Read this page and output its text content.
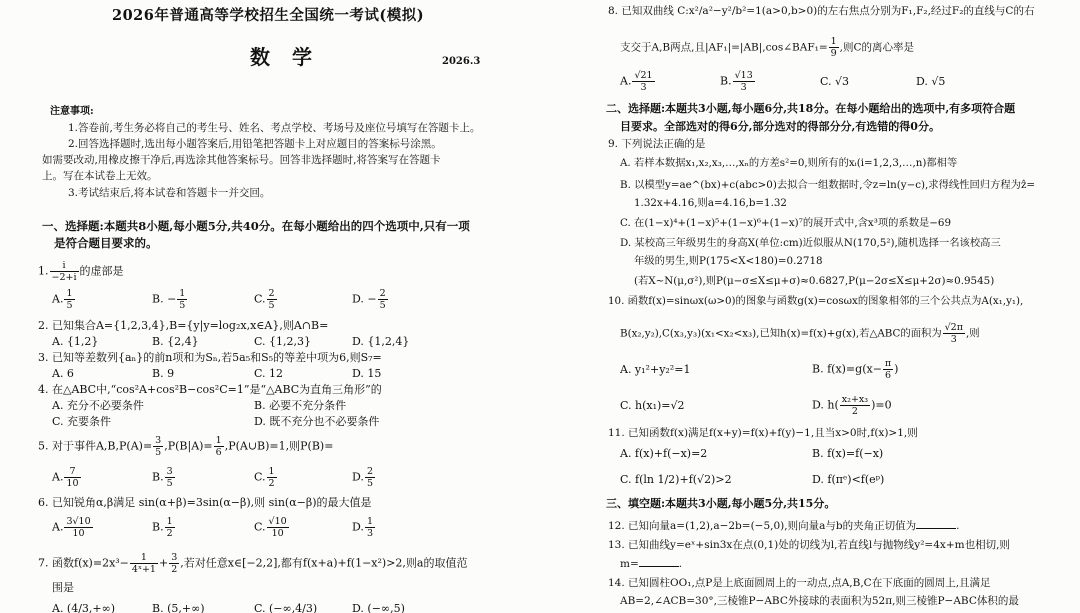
2026年普通高等学校招生全国统一考试(模拟)
数学	2026.3
注意事项:
1.答卷前,考生务必将自己的考生号、姓名、考点学校、考场号及座位号填写在答题卡上。
2.回答选择题时,选出每小题答案后,用铅笔把答题卡上对应题目的答案标号涂黑。
如需要改动,用橡皮擦干净后,再选涂其他答案标号。回答非选择题时,将答案写在答题卡
上。写在本试卷上无效。
3.考试结束后,将本试卷和答题卡一并交回。
一、选择题:本题共8小题,每小题5分,共40分。在每小题给出的四个选项中,只有一项
是符合题目要求的。
1. $\frac{i}{-2+i}$ 的虚部是
A. $\frac{1}{5}$	B. − $\frac{1}{5}$	C. $\frac{2}{5}$	D. − $\frac{2}{5}$
2. 已知集合A={1,2,3,4},B={y|y=log₂x,x∈A},则A∩B=
A. {1,2}	B. {2,4}	C. {1,2,3}	D. {1,2,4}
3. 已知等差数列{aₙ}的前n项和为Sₙ,若5a₅和S₅的等差中项为6,则S₇=
A. 6	B. 9	C. 12	D. 15
4. 在△ABC中,“cos²A+cos²B−cos²C=1”是“△ABC为直角三角形”的
A. 充分不必要条件	B. 必要不充分条件
C. 充要条件	D. 既不充分也不必要条件
5. 对于事件$A,B,P(A)= \frac{3}{5} ,P(B|A)= \frac{1}{6}$ ,P(A∪B)=1,则P(B)=
A. $\frac{7}{10}$	B. $\frac{3}{5}$	C. $\frac{1}{2}$	D. $\frac{2}{5}$
6. 已知锐角α,β满足 sin(α+β)=3sin(α−β),则 sin(α−β)的最大值是
A. $\frac{3√10}{10}$	B. $\frac{1}{2}$	C. $\frac{√10}{10}$	D. $\frac{1}{3}$
7. 函数$f(x)=2x^3- \frac{1}{\text{4ˣ+1}} + \frac{3}{2}$ ,若对任意x∈[−2,2],都有f(x+a)+f(1−x²)>2,则a的取值范
围是
A. (4/3,+∞)	B. (5,+∞)	C. (−∞,4/3)	D. (−∞,5)
8. 已知双曲线 C:x²/a²−y²/b²=1(a>0,b>0)的左右焦点分别为F₁,F₂,经过F₂的直线与C的右
支交于A,B两点,且|AF₁|=|AB|,cos∠BAF₁= $\frac{1}{9}$ ,则C的离心率是
A. $\frac{√21}{3}$	B. $\frac{√13}{3}$	C. √3	D. √5
二、选择题:本题共3小题,每小题6分,共18分。在每小题给出的选项中,有多项符合题
目要求。全部选对的得6分,部分选对的得部分分,有选错的得0分。
9. 下列说法正确的是
A. 若样本数据x₁,x₂,x₃,…,xₙ的方差s²=0,则所有的xᵢ(i=1,2,3,…,n)都相等
B. 以模型y=ae^(bx)+c(abc>0)去拟合一组数据时,令z=ln(y−c),求得线性回归方程为ẑ=
1.32x+4.16,则a=4.16,b=1.32
C. 在(1−x)⁴+(1−x)⁵+(1−x)⁶+(1−x)⁷的展开式中,含x³项的系数是−69
D. 某校高三年级男生的身高X(单位:cm)近似服从N(170,5²),随机选择一名该校高三
年级的男生,则P(175<X<180)=0.2718
(若X~N(μ,σ²),则P(μ−σ≤X≤μ+σ)≈0.6827,P(μ−2σ≤X≤μ+2σ)≈0.9545)
10. 函数f(x)=sinωx(ω>0)的图象与函数g(x)=cosωx的图象相邻的三个公共点为A(x₁,y₁),
B(x₂,y₂),C(x₃,y₃)(x₁<x₂<x₃),已知h(x)=f(x)+g(x),若△ABC的面积为 $\frac{√2\pi}{3}$ ,则
A. y₁²+y₂²=1	B. $f(x)=g(x- \frac{\pi}{6}$ )
C. h(x₁)=√2	D. $h( \frac{\text{x₂+x₃}}{2} )=0$
11. 已知函数f(x)满足f(x+y)=f(x)+f(y)−1,且当x>0时,f(x)>1,则
A. f(x)+f(−x)=2	B. f(x)=f(−x)
C. f(ln 1/2)+f(√2)>2	D. f(πᵉ)<f(eᵖ)
三、填空题:本题共3小题,每小题5分,共15分。
12. 已知向量a=(1,2),a−2b=(−5,0),则向量a与b的夹角正切值为	.
13. 已知曲线y=eˣ+sin3x在点(0,1)处的切线为l,若直线l与抛物线y²=4x+m也相切,则
m=	.
14. 已知圆柱OO₁,点P是上底面圆周上的一动点,点A,B,C在下底面的圆周上,且满足
AB=2,∠ACB=30°,三棱锥P−ABC外接球的表面积为52π,则三棱锥P−ABC体积的最
